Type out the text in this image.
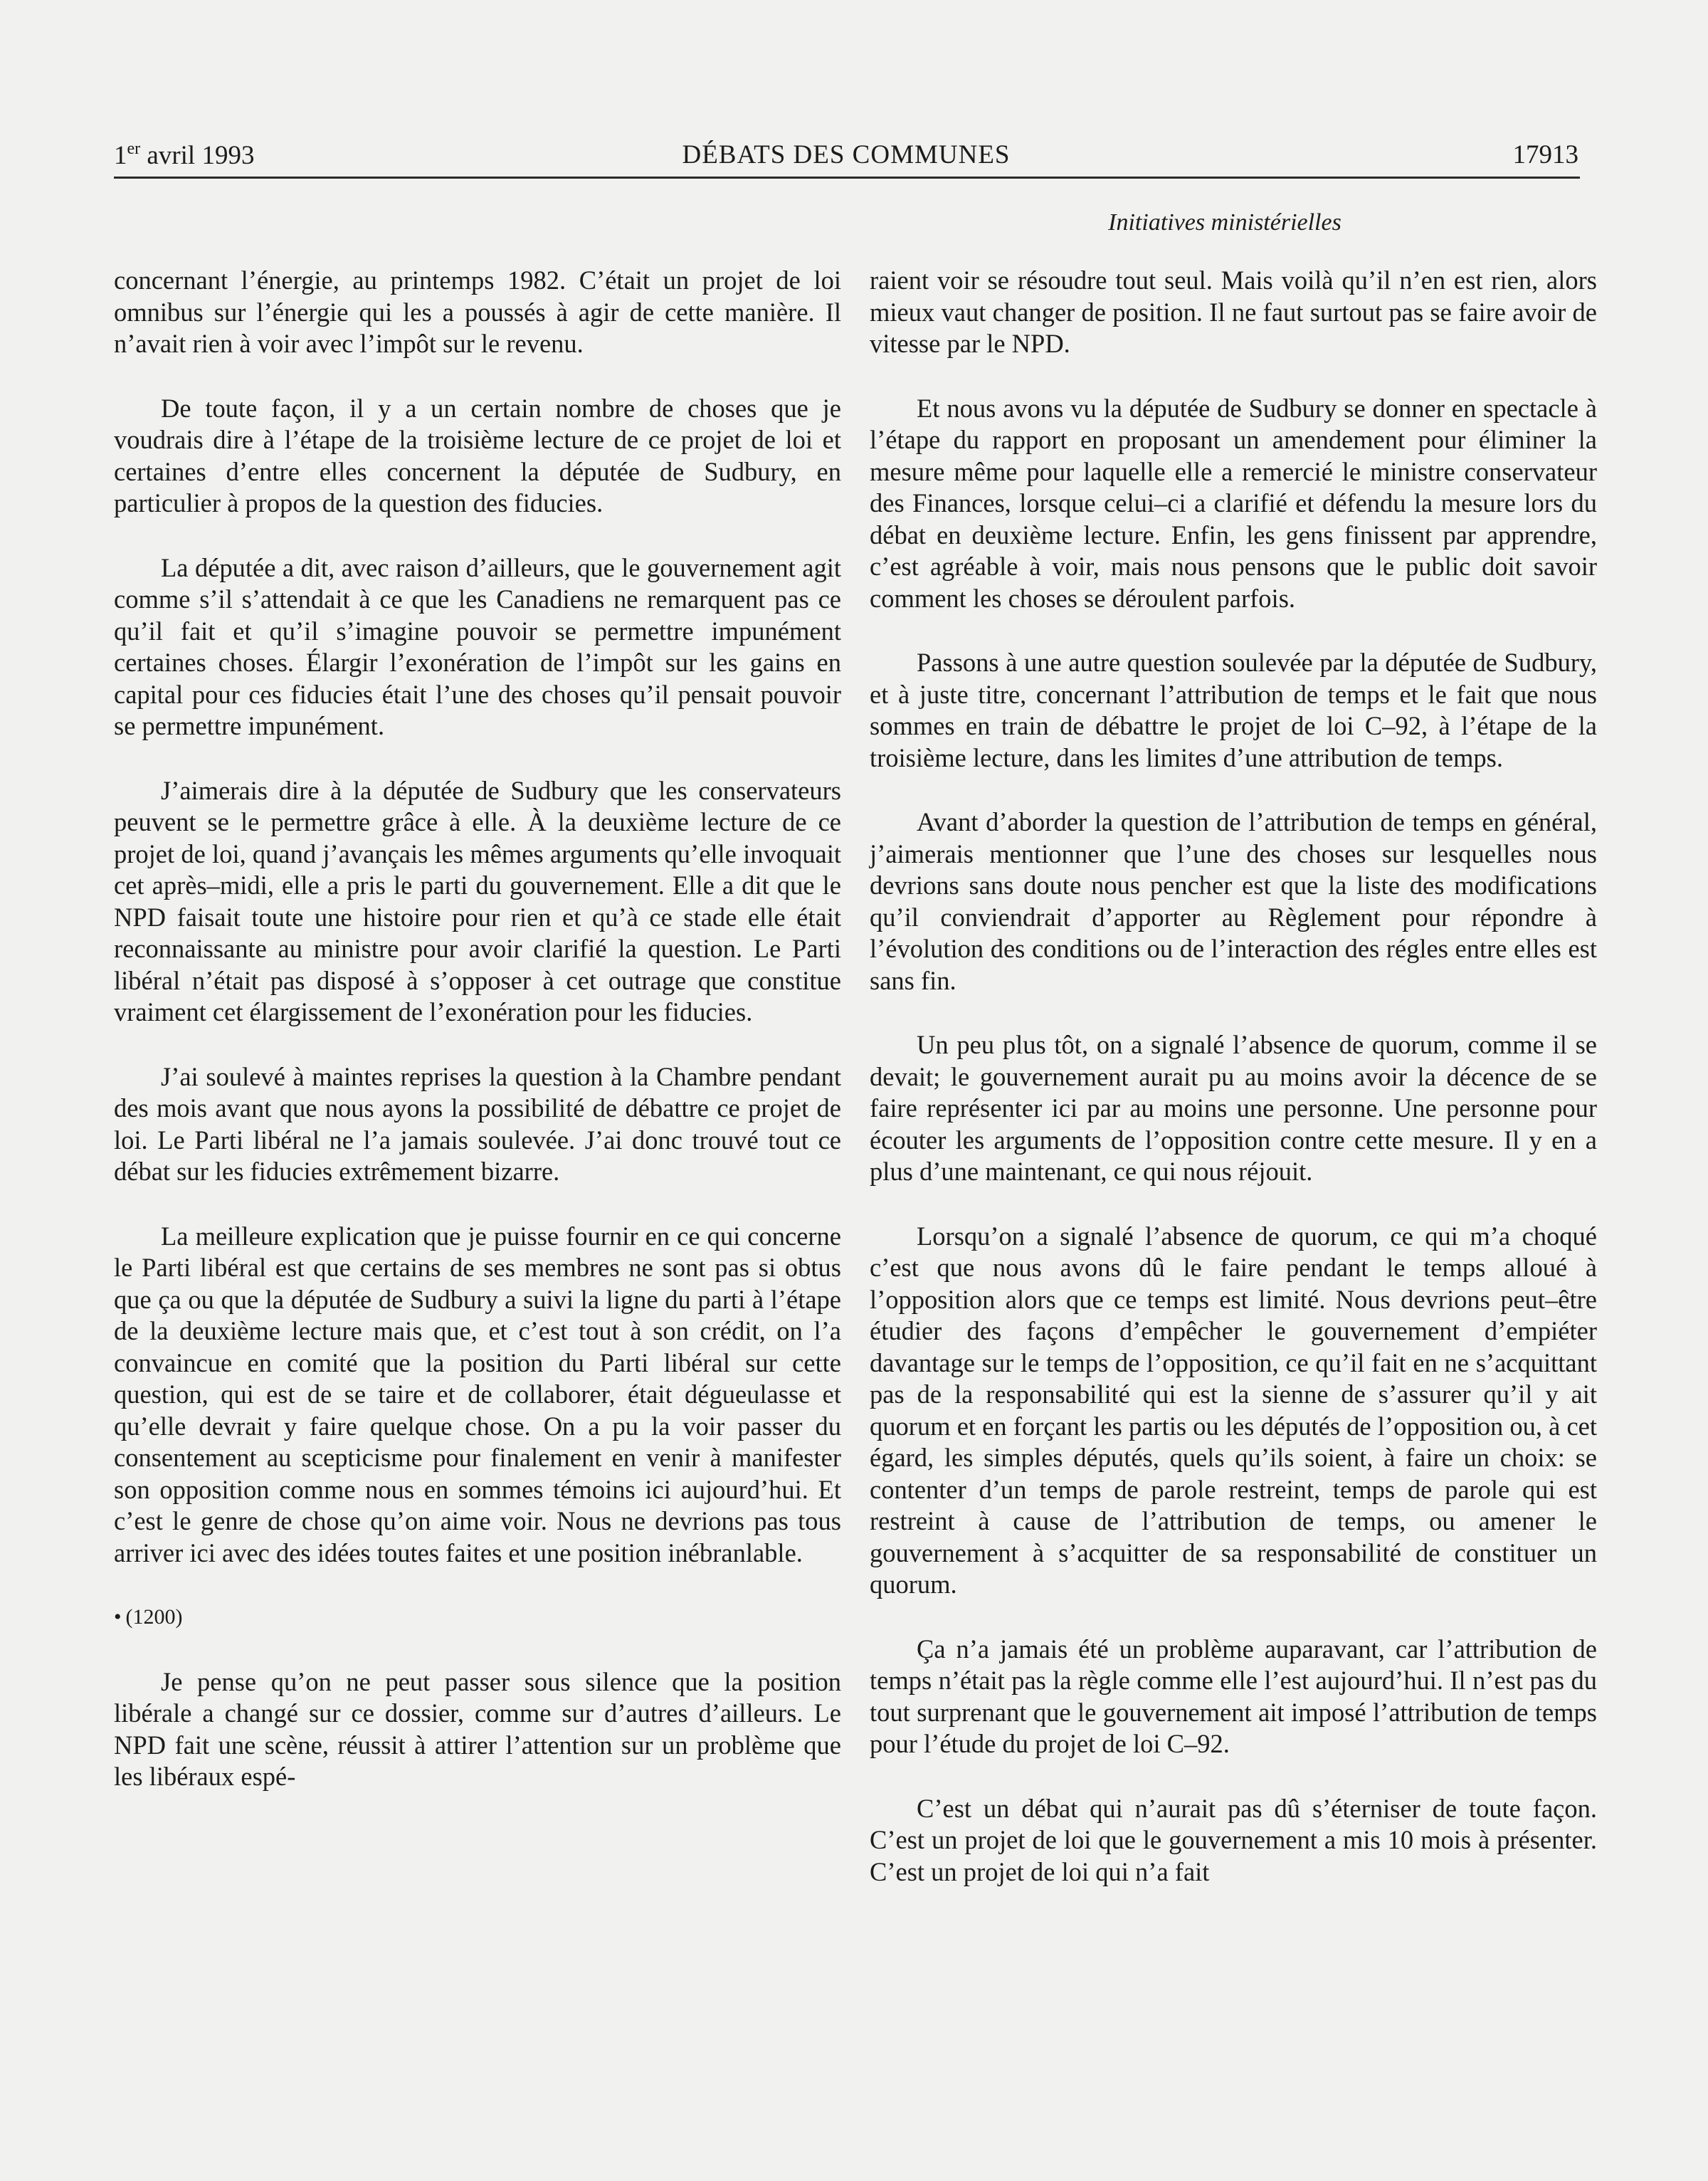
1er avril 1993	DÉBATS DES COMMUNES	17913
Initiatives ministérielles

concernant l’énergie, au printemps 1982. C’était un projet de loi omnibus sur l’énergie qui les a poussés à agir de cette manière. Il n’avait rien à voir avec l’impôt sur le revenu.

De toute façon, il y a un certain nombre de choses que je voudrais dire à l’étape de la troisième lecture de ce projet de loi et certaines d’entre elles concernent la députée de Sudbury, en particulier à propos de la question des fiducies.

La députée a dit, avec raison d’ailleurs, que le gouvernement agit comme s’il s’attendait à ce que les Canadiens ne remarquent pas ce qu’il fait et qu’il s’imagine pouvoir se permettre impunément certaines choses. Élargir l’exonération de l’impôt sur les gains en capital pour ces fiducies était l’une des choses qu’il pensait pouvoir se permettre impunément.

J’aimerais dire à la députée de Sudbury que les conservateurs peuvent se le permettre grâce à elle. À la deuxième lecture de ce projet de loi, quand j’avançais les mêmes arguments qu’elle invoquait cet après–midi, elle a pris le parti du gouvernement. Elle a dit que le NPD faisait toute une histoire pour rien et qu’à ce stade elle était reconnaissante au ministre pour avoir clarifié la question. Le Parti libéral n’était pas disposé à s’opposer à cet outrage que constitue vraiment cet élargissement de l’exonération pour les fiducies.

J’ai soulevé à maintes reprises la question à la Chambre pendant des mois avant que nous ayons la possibilité de débattre ce projet de loi. Le Parti libéral ne l’a jamais soulevée. J’ai donc trouvé tout ce débat sur les fiducies extrêmement bizarre.

La meilleure explication que je puisse fournir en ce qui concerne le Parti libéral est que certains de ses membres ne sont pas si obtus que ça ou que la députée de Sudbury a suivi la ligne du parti à l’étape de la deuxième lecture mais que, et c’est tout à son crédit, on l’a convaincue en comité que la position du Parti libéral sur cette question, qui est de se taire et de collaborer, était dégueulasse et qu’elle devrait y faire quelque chose. On a pu la voir passer du consentement au scepticisme pour finalement en venir à manifester son opposition comme nous en sommes témoins ici aujourd’hui. Et c’est le genre de chose qu’on aime voir. Nous ne devrions pas tous arriver ici avec des idées toutes faites et une position inébranlable.

• (1200)

Je pense qu’on ne peut passer sous silence que la position libérale a changé sur ce dossier, comme sur d’autres d’ailleurs. Le NPD fait une scène, réussit à attirer l’attention sur un problème que les libéraux espé-

raient voir se résoudre tout seul. Mais voilà qu’il n’en est rien, alors mieux vaut changer de position. Il ne faut surtout pas se faire avoir de vitesse par le NPD.

Et nous avons vu la députée de Sudbury se donner en spectacle à l’étape du rapport en proposant un amendement pour éliminer la mesure même pour laquelle elle a remercié le ministre conservateur des Finances, lorsque celui–ci a clarifié et défendu la mesure lors du débat en deuxième lecture. Enfin, les gens finissent par apprendre, c’est agréable à voir, mais nous pensons que le public doit savoir comment les choses se déroulent parfois.

Passons à une autre question soulevée par la députée de Sudbury, et à juste titre, concernant l’attribution de temps et le fait que nous sommes en train de débattre le projet de loi C–92, à l’étape de la troisième lecture, dans les limites d’une attribution de temps.

Avant d’aborder la question de l’attribution de temps en général, j’aimerais mentionner que l’une des choses sur lesquelles nous devrions sans doute nous pencher est que la liste des modifications qu’il conviendrait d’apporter au Règlement pour répondre à l’évolution des conditions ou de l’interaction des régles entre elles est sans fin.

Un peu plus tôt, on a signalé l’absence de quorum, comme il se devait; le gouvernement aurait pu au moins avoir la décence de se faire représenter ici par au moins une personne. Une personne pour écouter les arguments de l’opposition contre cette mesure. Il y en a plus d’une maintenant, ce qui nous réjouit.

Lorsqu’on a signalé l’absence de quorum, ce qui m’a choqué c’est que nous avons dû le faire pendant le temps alloué à l’opposition alors que ce temps est limité. Nous devrions peut–être étudier des façons d’empêcher le gouvernement d’empiéter davantage sur le temps de l’opposition, ce qu’il fait en ne s’acquittant pas de la responsabilité qui est la sienne de s’assurer qu’il y ait quorum et en forçant les partis ou les députés de l’opposition ou, à cet égard, les simples députés, quels qu’ils soient, à faire un choix: se contenter d’un temps de parole restreint, temps de parole qui est restreint à cause de l’attribution de temps, ou amener le gouvernement à s’acquitter de sa responsabilité de constituer un quorum.

Ça n’a jamais été un problème auparavant, car l’attribution de temps n’était pas la règle comme elle l’est aujourd’hui. Il n’est pas du tout surprenant que le gouvernement ait imposé l’attribution de temps pour l’étude du projet de loi C–92.

C’est un débat qui n’aurait pas dû s’éterniser de toute façon. C’est un projet de loi que le gouvernement a mis 10 mois à présenter. C’est un projet de loi qui n’a fait
